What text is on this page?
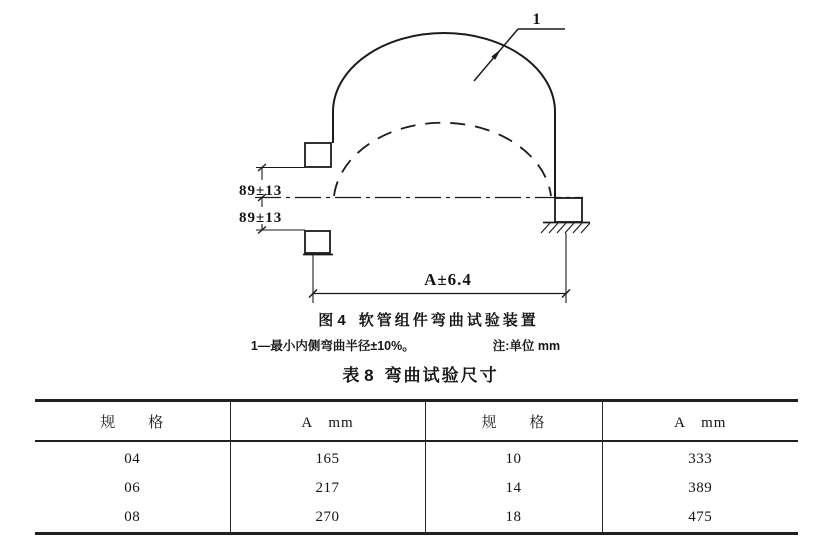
89±13
89±13
A±6.4
1
图 4 软管组件弯曲试验装置
1—最小内侧弯曲半径±10%。	注:单位 mm
表 8 弯曲试验尺寸
规　　格	A　mm	规　　格	A　mm
04	165	10	333
06	217	14	389
08	270	18	475
